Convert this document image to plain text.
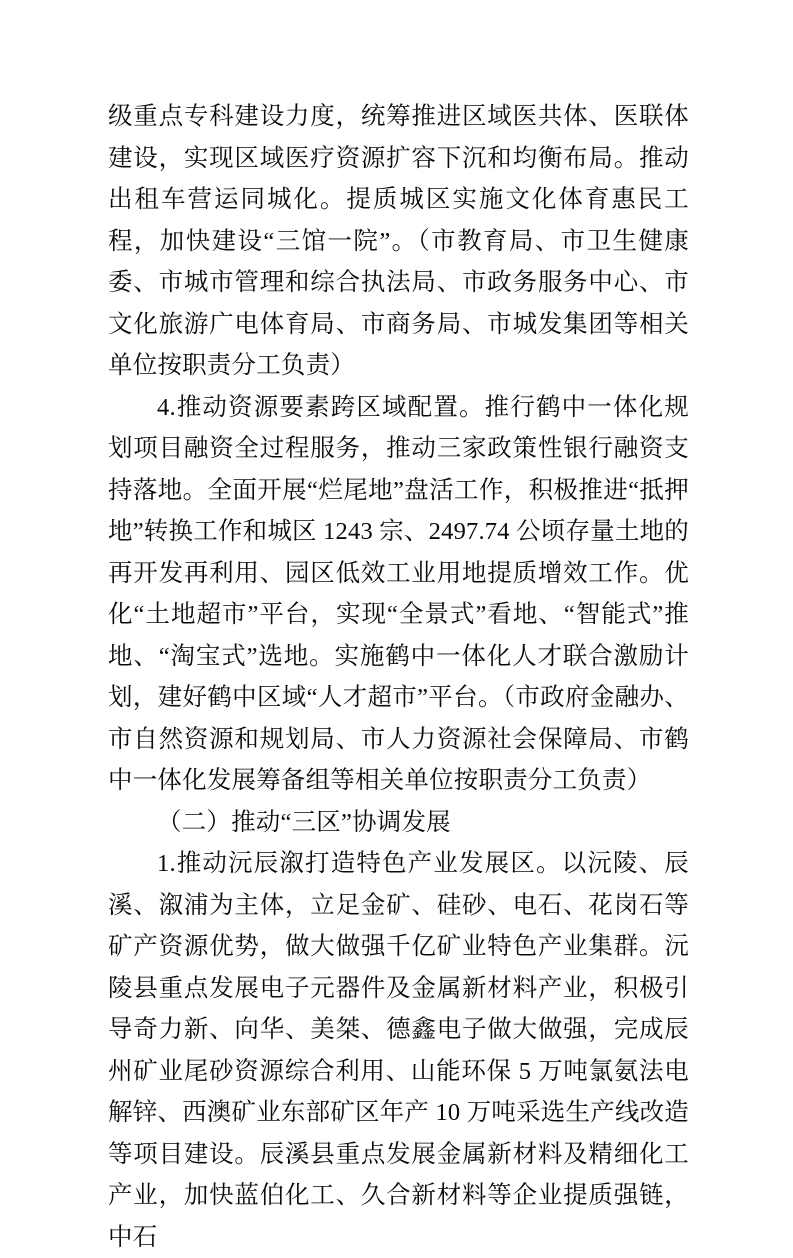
级重点专科建设力度，统筹推进区域医共体、医联体建设，实现区域医疗资源扩容下沉和均衡布局。推动出租车营运同城化。提质城区实施文化体育惠民工程，加快建设“三馆一院”。（市教育局、市卫生健康委、市城市管理和综合执法局、市政务服务中心、市文化旅游广电体育局、市商务局、市城发集团等相关单位按职责分工负责）

4.推动资源要素跨区域配置。推行鹤中一体化规划项目融资全过程服务，推动三家政策性银行融资支持落地。全面开展“烂尾地”盘活工作，积极推进“抵押地”转换工作和城区 1243 宗、2497.74 公顷存量土地的再开发再利用、园区低效工业用地提质增效工作。优化“土地超市”平台，实现“全景式”看地、“智能式”推地、“淘宝式”选地。实施鹤中一体化人才联合激励计划，建好鹤中区域“人才超市”平台。（市政府金融办、市自然资源和规划局、市人力资源社会保障局、市鹤中一体化发展筹备组等相关单位按职责分工负责）

（二）推动“三区”协调发展

1.推动沅辰溆打造特色产业发展区。以沅陵、辰溪、溆浦为主体，立足金矿、硅砂、电石、花岗石等矿产资源优势，做大做强千亿矿业特色产业集群。沅陵县重点发展电子元器件及金属新材料产业，积极引导奇力新、向华、美桀、德鑫电子做大做强，完成辰州矿业尾砂资源综合利用、山能环保 5 万吨氯氨法电解锌、西澳矿业东部矿区年产 10 万吨采选生产线改造等项目建设。辰溪县重点发展金属新材料及精细化工产业，加快蓝伯化工、久合新材料等企业提质强链，中石
